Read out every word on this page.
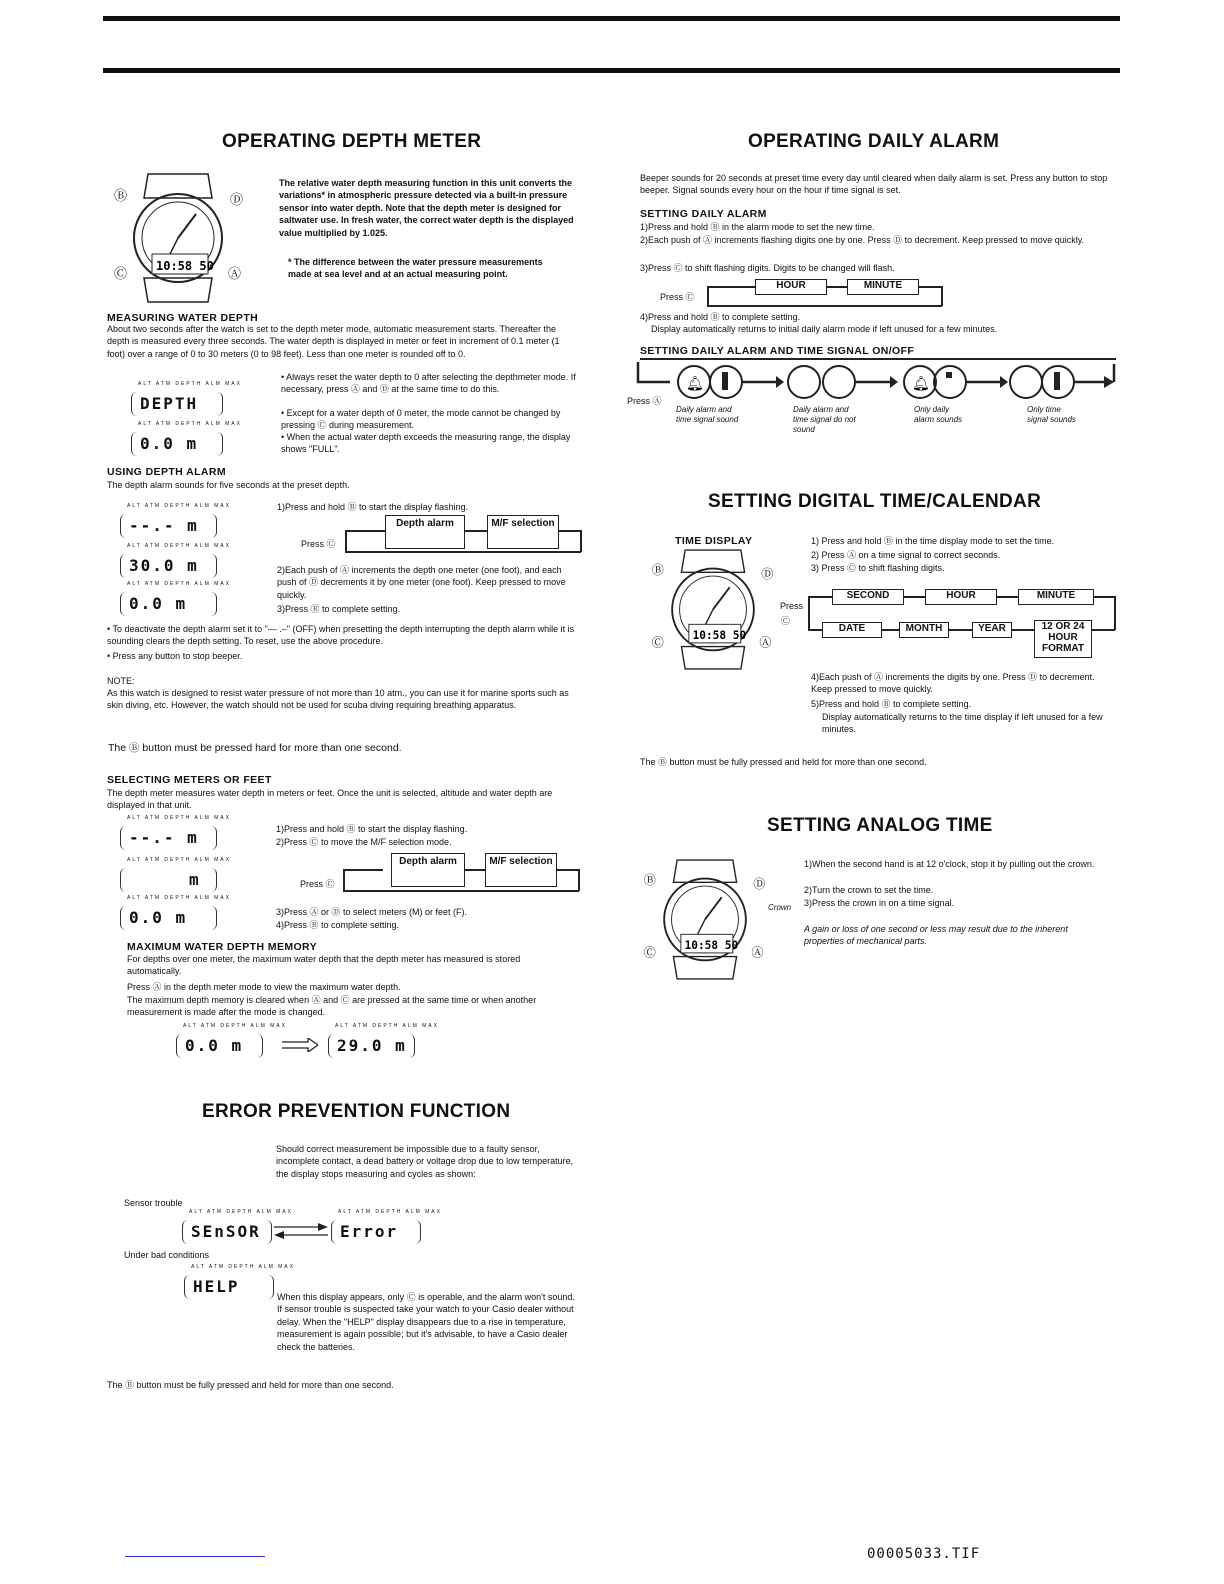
OPERATING DEPTH METER
10:58 50
Ⓑ	Ⓓ
Ⓒ	Ⓐ
The relative water depth measuring function in this unit converts the variations* in atmospheric pressure detected via a built-in pressure sensor into water depth. Note that the depth meter is designed for saltwater use. In fresh water, the correct water depth is the displayed value multiplied by 1.025.
* The difference between the water pressure measurements made at sea level and at an actual measuring point.
MEASURING WATER DEPTH
About two seconds after the watch is set to the depth meter mode, automatic measurement starts. Thereafter the depth is measured every three seconds. The water depth is displayed in meter or feet in increment of 0.1 meter (1 foot) over a range of 0 to 30 meters (0 to 98 feet). Less than one meter is rounded off to 0.
ALT ATM DEPTH ALM MAX
DEPTH
ALT ATM DEPTH ALM MAX
0.0 m
• Always reset the water depth to 0 after selecting the depthmeter mode. If necessary, press Ⓐ and Ⓓ at the same time to do this.
• Except for a water depth of 0 meter, the mode cannot be changed by pressing Ⓒ during measurement.
• When the actual water depth exceeds the measuring range, the display shows "FULL".
USING DEPTH ALARM
The depth alarm sounds for five seconds at the preset depth.
ALT ATM DEPTH ALM MAX
--.- m
ALT ATM DEPTH ALM MAX
30.0 m
ALT ATM DEPTH ALM MAX
0.0 m
1)Press and hold Ⓑ to start the display flashing.
Press Ⓒ
Depth alarm	M/F selection
2)Each push of Ⓐ increments the depth one meter (one foot), and each push of Ⓓ decrements it by one meter (one foot). Keep pressed to move quickly.
3)Press Ⓑ to complete setting.
• To deactivate the depth alarm set it to "— .–" (OFF) when presetting the depth interrupting the depth alarm while it is sounding clears the depth setting. To reset, use the above procedure.
• Press any button to stop beeper.
NOTE:
As this watch is designed to resist water pressure of not more than 10 atm., you can use it for marine sports such as skin diving, etc. However, the watch should not be used for scuba diving requiring breathing apparatus.
The Ⓑ button must be pressed hard for more than one second.
SELECTING METERS OR FEET
The depth meter measures water depth in meters or feet. Once the unit is selected, altitude and water depth are displayed in that unit.
ALT ATM DEPTH ALM MAX
--.- m
ALT ATM DEPTH ALM MAX
m
ALT ATM DEPTH ALM MAX
0.0 m
1)Press and hold Ⓑ to start the display flashing.
2)Press Ⓒ to move the M/F selection mode.
Press Ⓒ
Depth alarm	M/F selection
3)Press Ⓐ or Ⓓ to select meters (M) or feet (F).
4)Press Ⓑ to complete setting.
MAXIMUM WATER DEPTH MEMORY
For depths over one meter, the maximum water depth that the depth meter has measured is stored automatically.
Press Ⓐ in the depth meter mode to view the maximum water depth.
The maximum depth memory is cleared when Ⓐ and Ⓒ are pressed at the same time or when another measurement is made after the mode is changed.
ALT ATM DEPTH ALM MAX
0.0 m
ALT ATM DEPTH ALM MAX
29.0 m
ERROR PREVENTION FUNCTION
Should correct measurement be impossible due to a faulty sensor, incomplete contact, a dead battery or voltage drop due to low temperature, the display stops measuring and cycles as shown:
Sensor trouble
ALT ATM DEPTH ALM MAX
SEnSOR
ALT ATM DEPTH ALM MAX
Error
Under bad conditions
ALT ATM DEPTH ALM MAX
HELP
When this display appears, only Ⓒ is operable, and the alarm won't sound. If sensor trouble is suspected take your watch to your Casio dealer without delay. When the "HELP" display disappears due to a rise in temperature, measurement is again possible; but it's advisable, to have a Casio dealer check the batteries.
The Ⓑ button must be fully pressed and held for more than one second.
OPERATING DAILY ALARM
Beeper sounds for 20 seconds at preset time every day until cleared when daily alarm is set. Press any button to stop beeper. Signal sounds every hour on the hour if time signal is set.
SETTING DAILY ALARM
1)Press and hold Ⓑ in the alarm mode to set the new time.
2)Each push of Ⓐ increments flashing digits one by one. Press Ⓓ to decrement. Keep pressed to move quickly.
3)Press Ⓒ to shift flashing digits. Digits to be changed will flash.
Press Ⓒ
HOUR	MINUTE
4)Press and hold Ⓑ to complete setting.
Display automatically returns to initial daily alarm mode if left unused for a few minutes.
SETTING DAILY ALARM AND TIME SIGNAL ON/OFF
🔔︎	🔔︎
Press Ⓐ
Daily alarm and time signal sound
Daily alarm and time signal do not sound
Only daily alarm sounds
Only time signal sounds
SETTING DIGITAL TIME/CALENDAR
TIME DISPLAY
10:58 50
Ⓑ	Ⓓ
Ⓒ	Ⓐ
1) Press and hold Ⓑ in the time display mode to set the time.
2) Press Ⓐ on a time signal to correct seconds.
3) Press Ⓒ to shift flashing digits.
Press
Ⓒ
SECOND	HOUR	MINUTE
DATE	MONTH	YEAR	12 OR 24 HOUR FORMAT
4)Each push of Ⓐ increments the digits by one. Press Ⓓ to decrement. Keep pressed to move quickly.
5)Press and hold Ⓑ to complete setting.
Display automatically returns to the time display if left unused for a few minutes.
The Ⓑ button must be fully pressed and held for more than one second.
SETTING ANALOG TIME
10:58 50
Ⓑ	Ⓓ
Ⓒ	Ⓐ
Crown
1)When the second hand is at 12 o'clock, stop it by pulling out the crown.
2)Turn the crown to set the time.
3)Press the crown in on a time signal.
A gain or loss of one second or less may result due to the inherent properties of mechanical parts.
00005033.TIF
